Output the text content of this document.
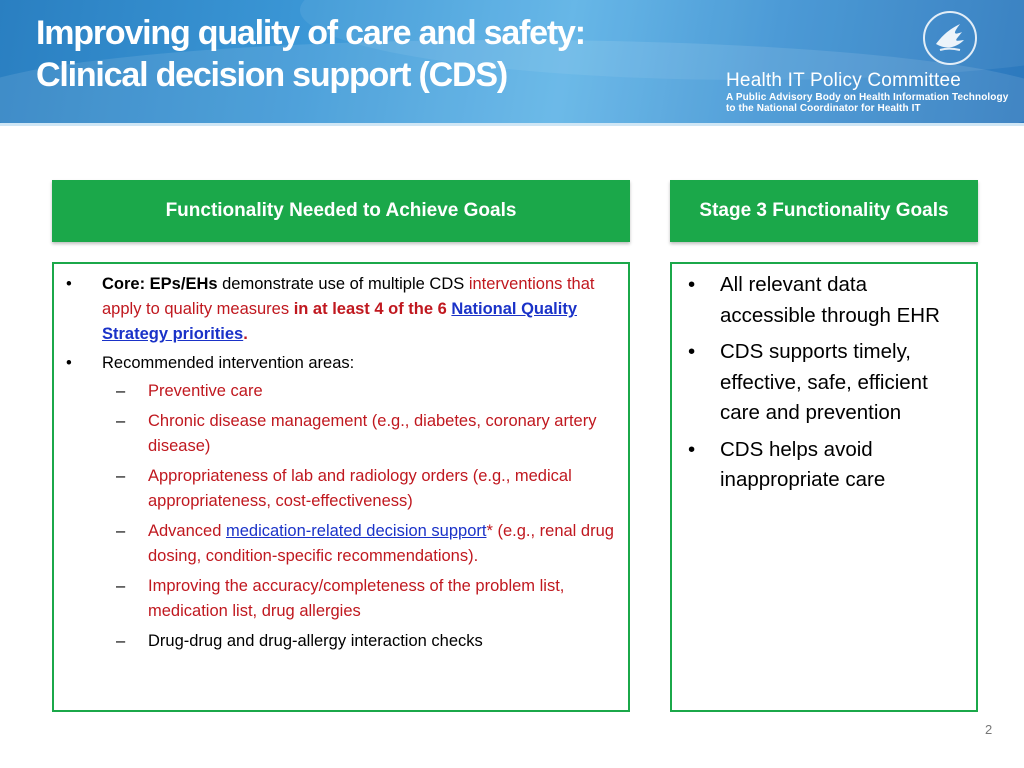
Improving quality of care and safety:
Clinical decision support (CDS)	Health IT Policy Committee
A Public Advisory Body on Health Information Technology
to the National Coordinator for Health IT
Functionality Needed to Achieve Goals	Stage 3 Functionality Goals
• Core: EPs/EHs demonstrate use of multiple CDS interventions that apply to quality measures in at least 4 of the 6 National Quality Strategy priorities.
• Recommended intervention areas:
– Preventive care
– Chronic disease management (e.g., diabetes, coronary artery disease)
– Appropriateness of lab and radiology orders (e.g., medical appropriateness, cost-effectiveness)
– Advanced medication-related decision support* (e.g., renal drug dosing, condition-specific recommendations).
– Improving the accuracy/completeness of the problem list, medication list, drug allergies
– Drug-drug and drug-allergy interaction checks
• All relevant data accessible through EHR
• CDS supports timely, effective, safe, efficient care and prevention
• CDS helps avoid inappropriate care
2
